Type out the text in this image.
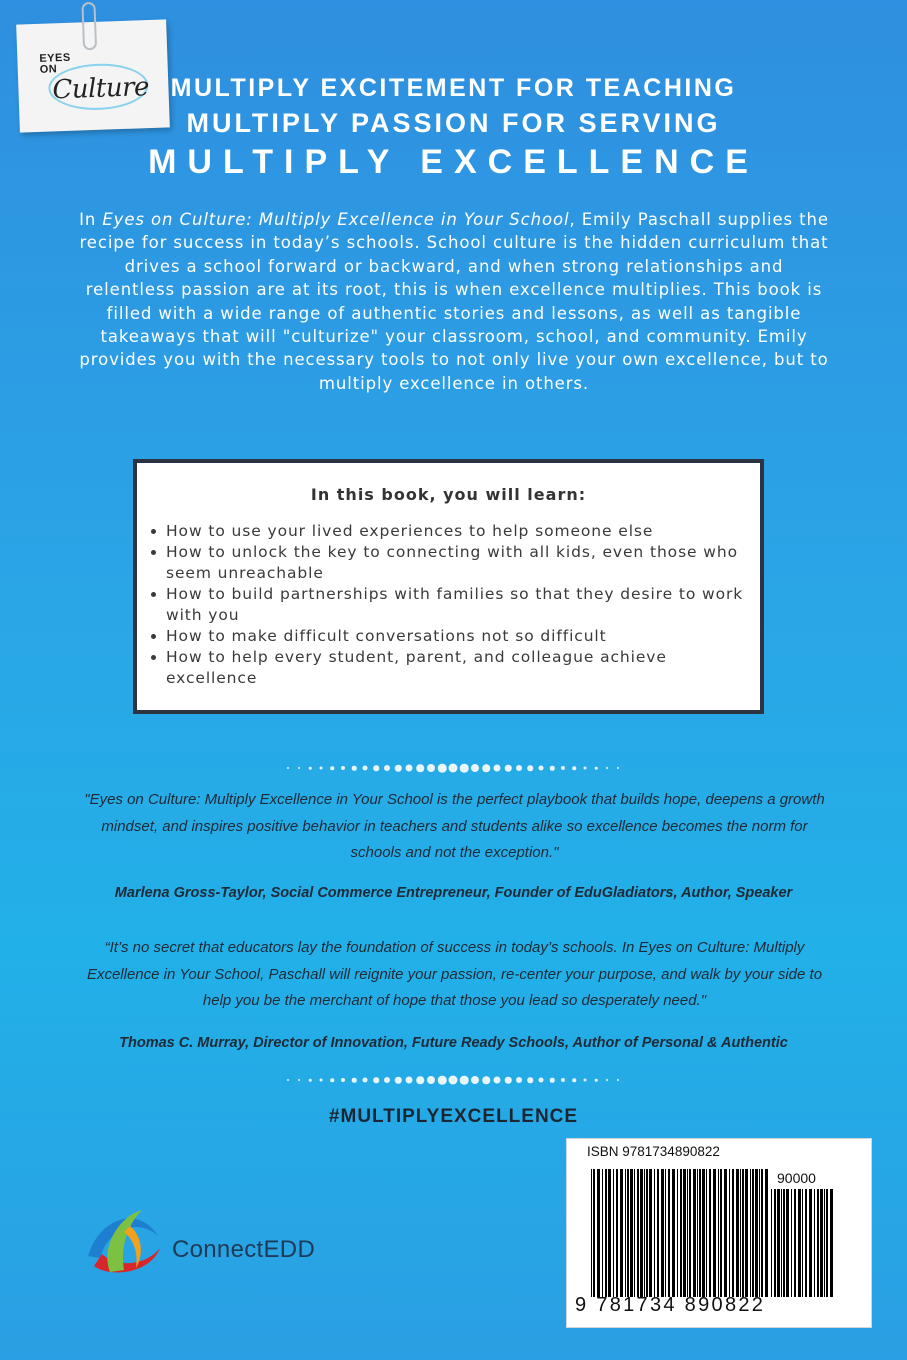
EYES ON
Culture MULTIPLY EXCITEMENT FOR TEACHING
MULTIPLY PASSION FOR SERVING
MULTIPLY EXCELLENCE

In Eyes on Culture: Multiply Excellence in Your School, Emily Paschall supplies the recipe for success in today’s schools. School culture is the hidden curriculum that drives a school forward or backward, and when strong relationships and relentless passion are at its root, this is when excellence multiplies. This book is filled with a wide range of authentic stories and lessons, as well as tangible takeaways that will "culturize" your classroom, school, and community. Emily provides you with the necessary tools to not only live your own excellence, but to multiply excellence in others.

In this book, you will learn:
How to use your lived experiences to help someone else
How to unlock the key to connecting with all kids, even those who seem unreachable
How to build partnerships with families so that they desire to work with you
How to make difficult conversations not so difficult
How to help every student, parent, and colleague achieve excellence

"Eyes on Culture: Multiply Excellence in Your School is the perfect playbook that builds hope, deepens a growth mindset, and inspires positive behavior in teachers and students alike so excellence becomes the norm for schools and not the exception."

Marlena Gross-Taylor, Social Commerce Entrepreneur, Founder of EduGladiators, Author, Speaker

“It’s no secret that educators lay the foundation of success in today’s schools. In Eyes on Culture: Multiply Excellence in Your School, Paschall will reignite your passion, re-center your purpose, and walk by your side to help you be the merchant of hope that those you lead so desperately need."

Thomas C. Murray, Director of Innovation, Future Ready Schools, Author of Personal & Authentic
#MULTIPLYEXCELLENCE
ConnectEDD
ISBN 9781734890822
90000
9 781734 890822
